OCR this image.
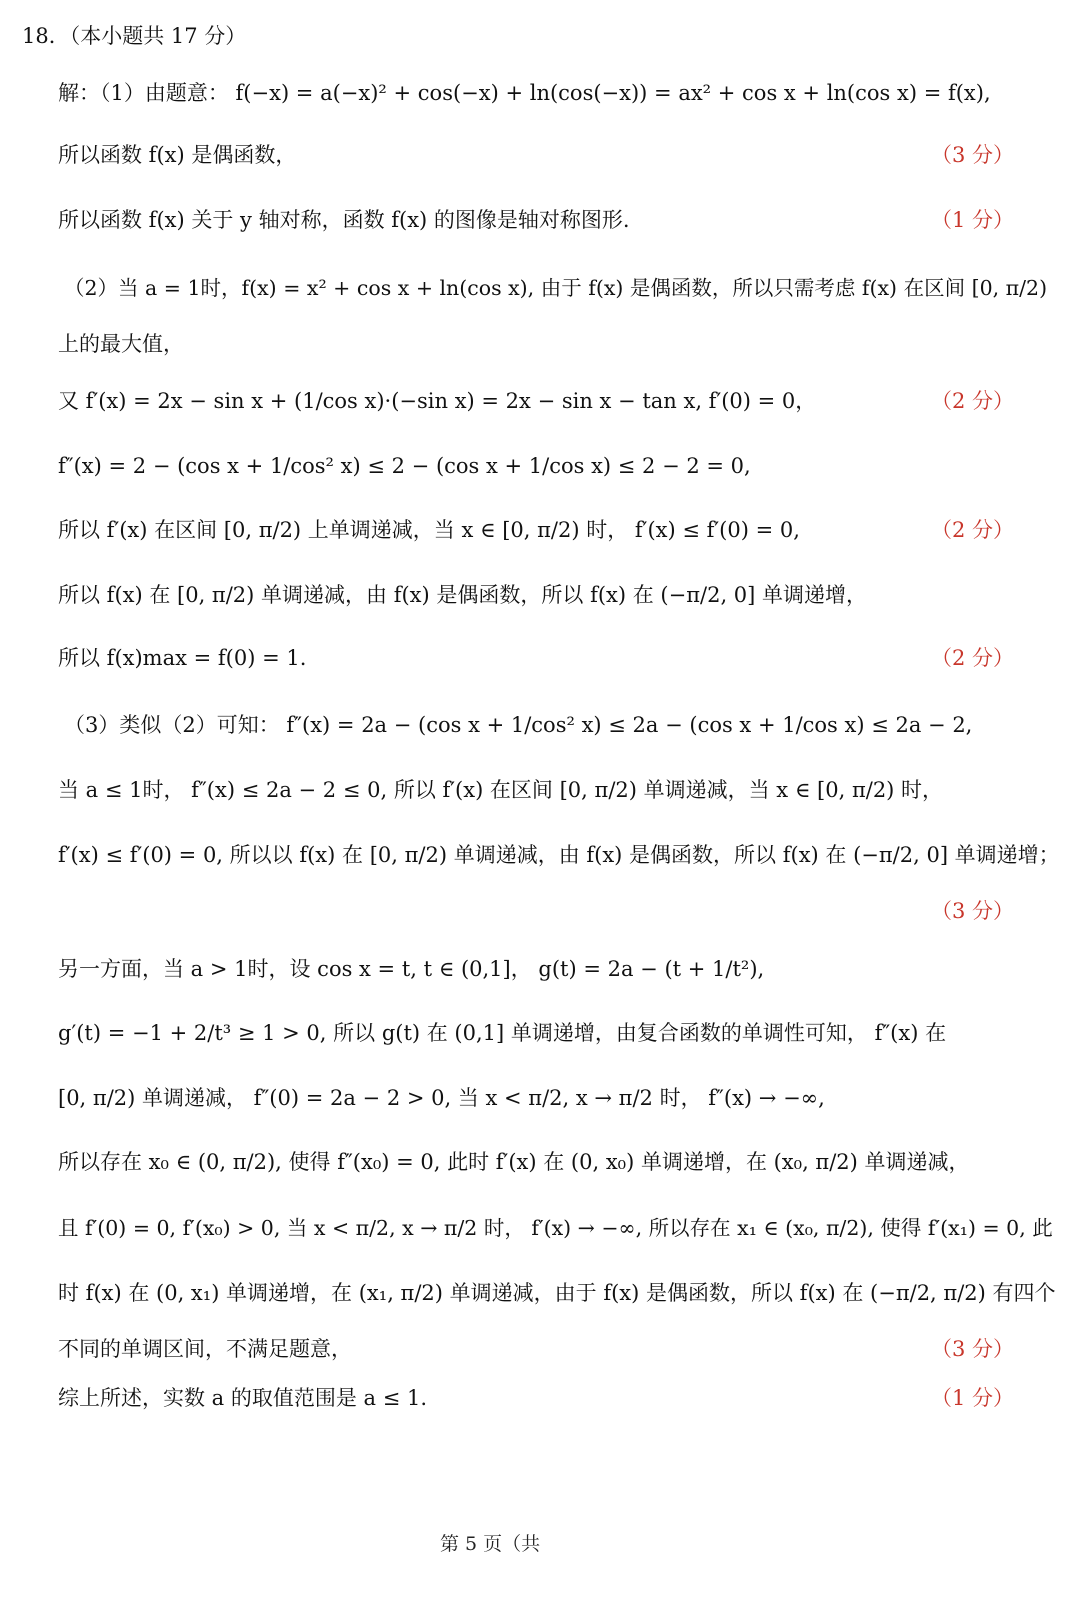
18．（本小题共 17 分）
解：（1）由题意： f(−x) = a(−x)² + cos(−x) + ln(cos(−x)) = ax² + cos x + ln(cos x) = f(x),
所以函数 f(x) 是偶函数，	（3 分）
所以函数 f(x) 关于 y 轴对称，函数 f(x) 的图像是轴对称图形.	（1 分）
（2）当 a = 1时，f(x) = x² + cos x + ln(cos x), 由于 f(x) 是偶函数，所以只需考虑 f(x) 在区间 [0, π/2)
上的最大值，
又 f′(x) = 2x − sin x + (1/cos x)·(−sin x) = 2x − sin x − tan x, f′(0) = 0，	（2 分）
f″(x) = 2 − (cos x + 1/cos² x) ≤ 2 − (cos x + 1/cos x) ≤ 2 − 2 = 0,
所以 f′(x) 在区间 [0, π/2) 上单调递减，当 x ∈ [0, π/2) 时， f′(x) ≤ f′(0) = 0,	（2 分）
所以 f(x) 在 [0, π/2) 单调递减，由 f(x) 是偶函数，所以 f(x) 在 (−π/2, 0] 单调递增，
所以 f(x)max = f(0) = 1.	（2 分）
（3）类似（2）可知： f″(x) = 2a − (cos x + 1/cos² x) ≤ 2a − (cos x + 1/cos x) ≤ 2a − 2,
当 a ≤ 1时， f″(x) ≤ 2a − 2 ≤ 0, 所以 f′(x) 在区间 [0, π/2) 单调递减，当 x ∈ [0, π/2) 时，
f′(x) ≤ f′(0) = 0, 所以以 f(x) 在 [0, π/2) 单调递减，由 f(x) 是偶函数，所以 f(x) 在 (−π/2, 0] 单调递增；
（3 分）
另一方面，当 a > 1时，设 cos x = t, t ∈ (0,1]， g(t) = 2a − (t + 1/t²),
g′(t) = −1 + 2/t³ ≥ 1 > 0, 所以 g(t) 在 (0,1] 单调递增，由复合函数的单调性可知， f″(x) 在
[0, π/2) 单调递减， f″(0) = 2a − 2 > 0, 当 x < π/2, x → π/2 时， f″(x) → −∞,
所以存在 x₀ ∈ (0, π/2), 使得 f″(x₀) = 0, 此时 f′(x) 在 (0, x₀) 单调递增，在 (x₀, π/2) 单调递减，
且 f′(0) = 0, f′(x₀) > 0, 当 x < π/2, x → π/2 时， f′(x) → −∞, 所以存在 x₁ ∈ (x₀, π/2), 使得 f′(x₁) = 0, 此
时 f(x) 在 (0, x₁) 单调递增，在 (x₁, π/2) 单调递减，由于 f(x) 是偶函数，所以 f(x) 在 (−π/2, π/2) 有四个
不同的单调区间，不满足题意，	（3 分）
综上所述，实数 a 的取值范围是 a ≤ 1.	（1 分）
第 5 页（共
